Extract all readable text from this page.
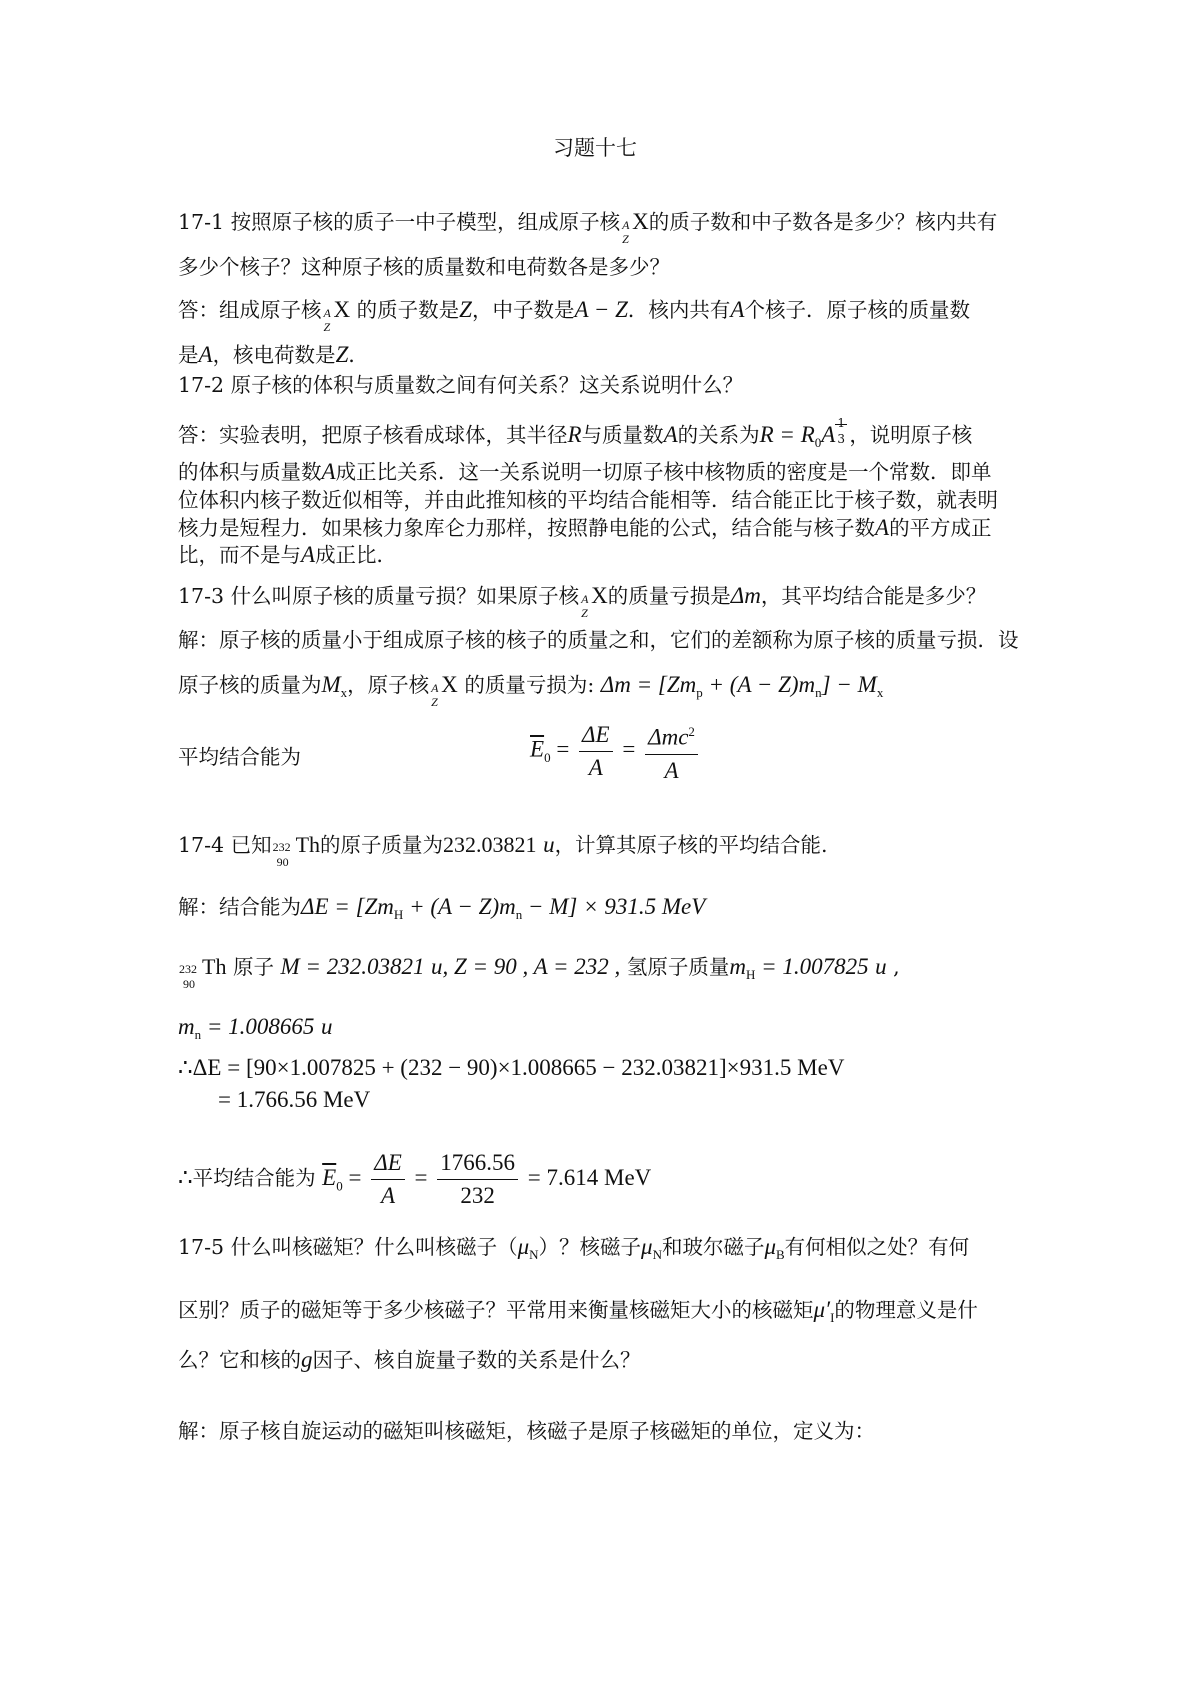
习题十七
17-1 按照原子核的质子一中子模型，组成原子核 A
Z
X的质子数和中子数各是多少？核内共有
多少个核子？这种原子核的质量数和电荷数各是多少？
答：组成原子核 A
Z
X 的质子数是Z，中子数是A − Z．核内共有A个核子．原子核的质量数
是A，核电荷数是Z．
17-2 原子核的体积与质量数之间有何关系？这关系说明什么？
答：实验表明，把原子核看成球体，其半径R与质量数A的关系为$R = R_0A$ 1
3 ，说明原子核
的体积与质量数A成正比关系．这一关系说明一切原子核中核物质的密度是一个常数．即单
位体积内核子数近似相等，并由此推知核的平均结合能相等．结合能正比于核子数，就表明
核力是短程力．如果核力象库仑力那样，按照静电能的公式，结合能与核子数A的平方成正
比，而不是与A成正比．
17-3 什么叫原子核的质量亏损？如果原子核 A
Z
X的质量亏损是Δm，其平均结合能是多少？
解：原子核的质量小于组成原子核的核子的质量之和，它们的差额称为原子核的质量亏损．设
原子核的质量为$M_x$，原子核 A
Z
X 的质量亏损为: $\Delta m = [Zm_p + (A - Z)m_n] - M_x$
平均结合能为	$\overline{E}_0 = \frac{\Delta E}{A} = \frac{\Delta mc^2}{A}$
17-4 已知 232
90
Th的原子质量为232.03821 u，计算其原子核的平均结合能.
解：结合能为$\Delta E = [Zm_H + (A - Z)m_n - M] \times 931.5$ MeV
232
90
Th 原子 M = 232.03821 u, Z = 90 , A = 232 , 氢原子质量$m_H = 1.007825$ u ,
$m_n = 1.008665$ u
∴ΔE = [90×1.007825 + (232 − 90)×1.008665 − 232.03821]×931.5 MeV
= 1.766.56 MeV
∴平均结合能为 $\overline{E}_0 = \frac{\Delta E}{A} = \frac{1766.56}{232} = 7.614$ MeV
17-5 什么叫核磁矩？什么叫核磁子$(\mu_N)$？核磁子$\mu_N$和玻尔磁子$\mu_B$有何相似之处？有何
区别？质子的磁矩等于多少核磁子？平常用来衡量核磁矩大小的核磁矩$\mu'_I$的物理意义是什
么？它和核的g因子、核自旋量子数的关系是什么？
解：原子核自旋运动的磁矩叫核磁矩，核磁子是原子核磁矩的单位，定义为：
